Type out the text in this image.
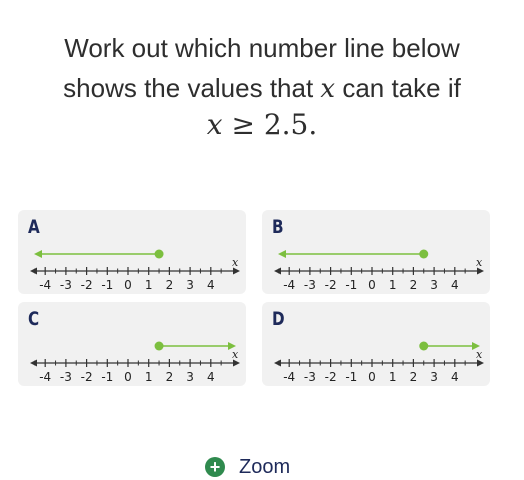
Work out which number line below
shows the values that x can take if
x ≥ 2.5.
A
-4 -3 -2 -1 0 1 2 3 4
x
B
-4 -3 -2 -1 0 1 2 3 4
x
C
-4 -3 -2 -1 0 1 2 3 4
x
D
-4 -3 -2 -1 0 1 2 3 4
x
+ Zoom
